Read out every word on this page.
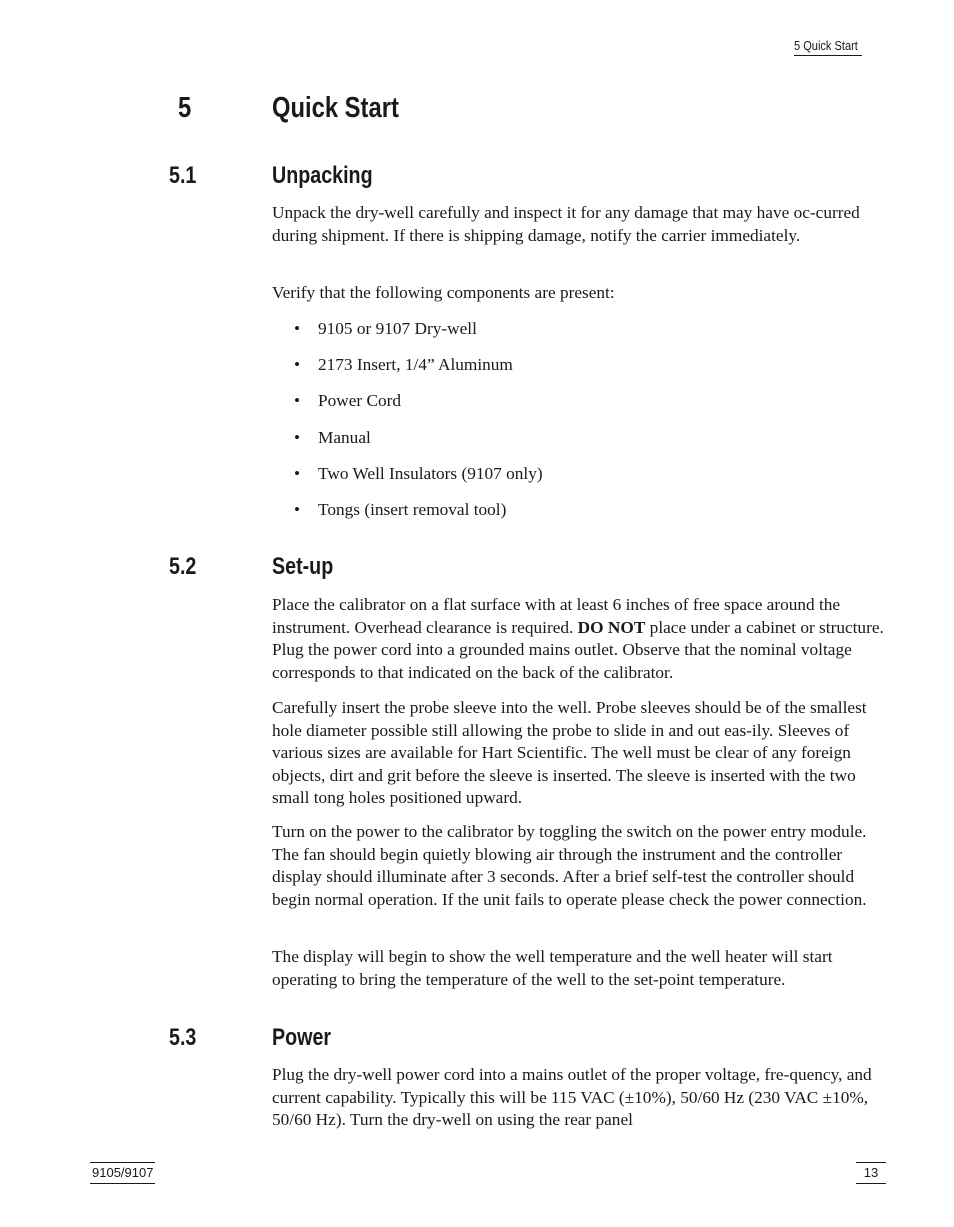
5 Quick Start
5	Quick Start
5.1	Unpacking

Unpack the dry-well carefully and inspect it for any damage that may have oc-curred during shipment. If there is shipping damage, notify the carrier immediately.

Verify that the following components are present:

• 9105 or 9107 Dry-well
• 2173 Insert, 1/4” Aluminum
• Power Cord
• Manual
• Two Well Insulators (9107 only)
• Tongs (insert removal tool)
5.2	Set-up

Place the calibrator on a flat surface with at least 6 inches of free space around the instrument. Overhead clearance is required. DO NOT place under a cabinet or structure. Plug the power cord into a grounded mains outlet. Observe that the nominal voltage corresponds to that indicated on the back of the calibrator.

Carefully insert the probe sleeve into the well. Probe sleeves should be of the smallest hole diameter possible still allowing the probe to slide in and out eas-ily. Sleeves of various sizes are available for Hart Scientific. The well must be clear of any foreign objects, dirt and grit before the sleeve is inserted. The sleeve is inserted with the two small tong holes positioned upward.

Turn on the power to the calibrator by toggling the switch on the power entry module. The fan should begin quietly blowing air through the instrument and the controller display should illuminate after 3 seconds. After a brief self-test the controller should begin normal operation. If the unit fails to operate please check the power connection.

The display will begin to show the well temperature and the well heater will start operating to bring the temperature of the well to the set-point temperature.

5.3	Power

Plug the dry-well power cord into a mains outlet of the proper voltage, fre-quency, and current capability. Typically this will be 115 VAC (±10%), 50/60 Hz (230 VAC ±10%, 50/60 Hz). Turn the dry-well on using the rear panel

9105/9107	13
